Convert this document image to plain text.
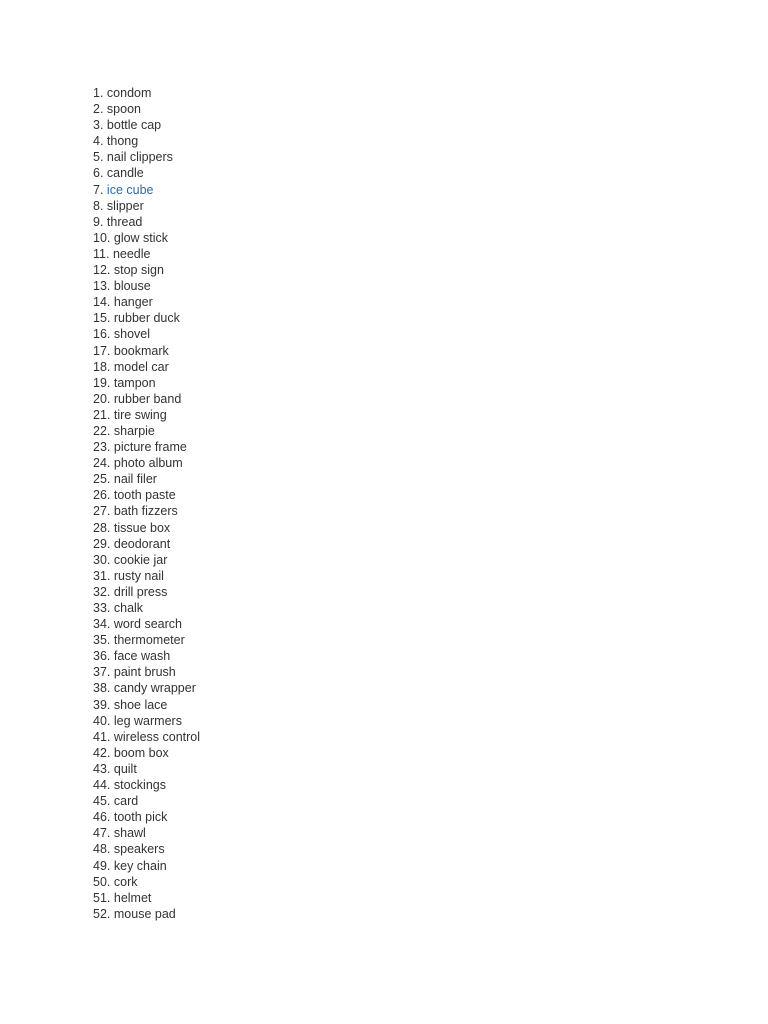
1. condom
2. spoon
3. bottle cap
4. thong
5. nail clippers
6. candle
7. ice cube
8. slipper
9. thread
10. glow stick
11. needle
12. stop sign
13. blouse
14. hanger
15. rubber duck
16. shovel
17. bookmark
18. model car
19. tampon
20. rubber band
21. tire swing
22. sharpie
23. picture frame
24. photo album
25. nail filer
26. tooth paste
27. bath fizzers
28. tissue box
29. deodorant
30. cookie jar
31. rusty nail
32. drill press
33. chalk
34. word search
35. thermometer
36. face wash
37. paint brush
38. candy wrapper
39. shoe lace
40. leg warmers
41. wireless control
42. boom box
43. quilt
44. stockings
45. card
46. tooth pick
47. shawl
48. speakers
49. key chain
50. cork
51. helmet
52. mouse pad
